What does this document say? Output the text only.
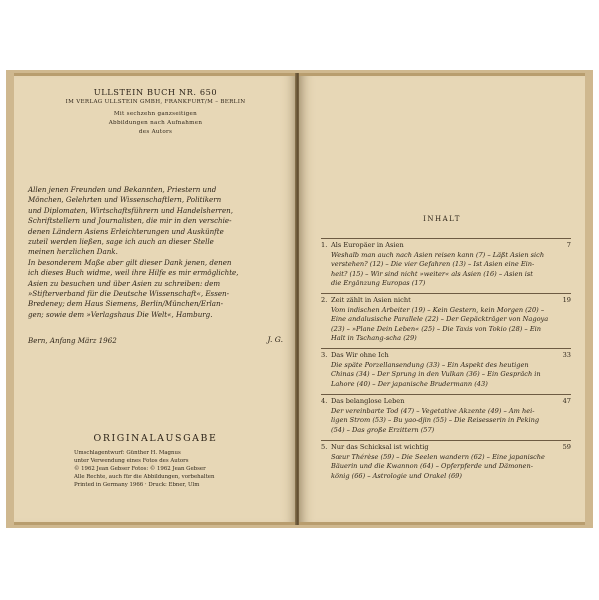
ULLSTEIN BUCH NR. 650
IM VERLAG ULLSTEIN GMBH, FRANKFURT/M – BERLIN
Mit sechzehn ganzseitigen
Abbildungen nach Aufnahmen
des Autors
Allen jenen Freunden und Bekannten, Priestern und
Mönchen, Gelehrten und Wissenschaftlern, Politikern
und Diplomaten, Wirtschaftsführern und Handelsherren,
Schriftstellern und Journalisten, die mir in den verschie-
denen Ländern Asiens Erleichterungen und Auskünfte
zuteil werden ließen, sage ich auch an dieser Stelle
meinen herzlichen Dank.
In besonderem Maße aber gilt dieser Dank jenen, denen
ich dieses Buch widme, weil ihre Hilfe es mir ermöglichte,
Asien zu besuchen und über Asien zu schreiben: dem
»Stifterverband für die Deutsche Wissenschaft«, Essen-
Bredeney; dem Haus Siemens, Berlin/München/Erlan-
gen; sowie dem »Verlagshaus Die Welt«, Hamburg.
Bern, Anfang März 1962	J. G.
ORIGINALAUSGABE
Umschlagentwurf: Günther H. Magnus
unter Verwendung eines Fotos des Autors
© 1962 Jean Gebser Fotos: © 1962 Jean Gebser
Alle Rechte, auch für die Abbildungen, vorbehalten
Printed in Germany 1966 · Druck: Ebner, Ulm
INHALT
1. Als Europäer in Asien	7
Weshalb man auch nach Asien reisen kann (7) – Läßt Asien sich
verstehen? (12) – Die vier Gefahren (13) – Ist Asien eine Ein-
heit? (15) – Wir sind nicht »weiter« als Asien (16) – Asien ist
die Ergänzung Europas (17)
2. Zeit zählt in Asien nicht	19
Vom indischen Arbeiter (19) – Kein Gestern, kein Morgen (20) –
Eine andalusische Parallele (22) – Der Gepäckträger von Nagoya
(23) – »Plane Dein Leben« (25) – Die Taxis von Tokio (28) – Ein
Halt in Tschang-scha (29)
3. Das Wir ohne Ich	33
Die späte Porzellansendung (33) – Ein Aspekt des heutigen
Chinas (34) – Der Sprung in den Vulkan (36) – Ein Gespräch in
Lahore (40) – Der japanische Brudermann (43)
4. Das belanglose Leben	47
Der vereinbarte Tod (47) – Vegetative Akzente (49) – Am hei-
ligen Strom (53) – Bu yao-djin (55) – Die Reisesserin in Peking
(54) – Das große Erzittern (57)
5. Nur das Schicksal ist wichtig	59
Sœur Thérèse (59) – Die Seelen wandern (62) – Eine japanische
Bäuerin und die Kwannon (64) – Opferpferde und Dämonen-
könig (66) – Astrologie und Orakel (69)
